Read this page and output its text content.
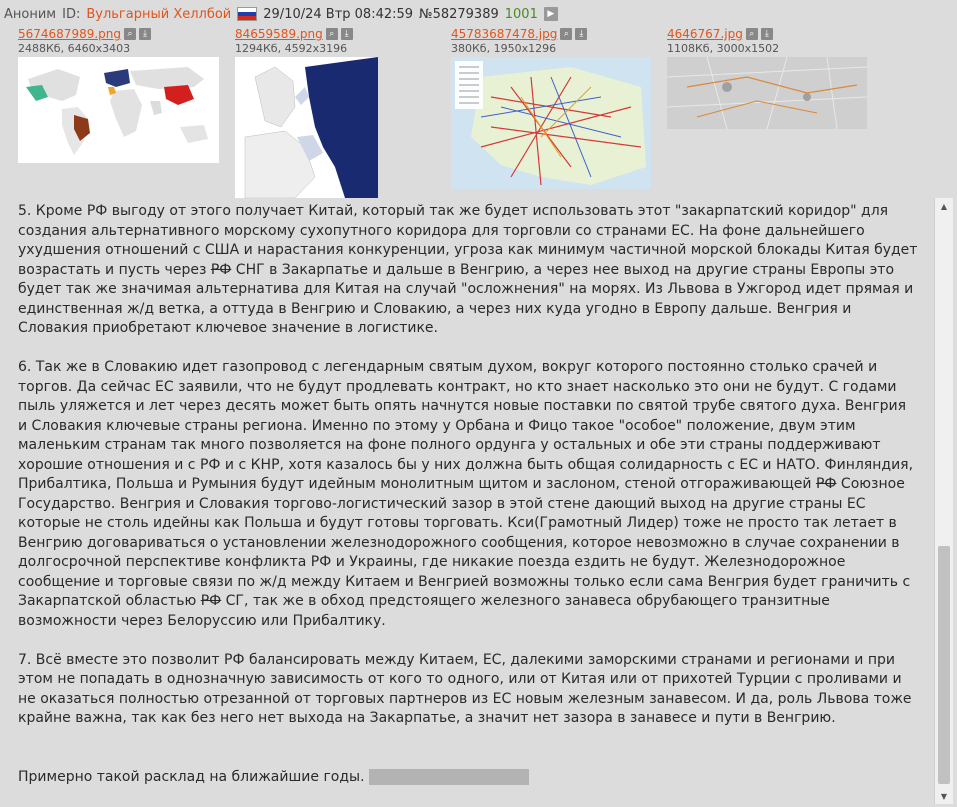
Аноним ID: Вульгарный Хеллбой 29/10/24 Втр 08:42:59 №58279389 1001	▶
5674687989.png ⌕	⤓
2488Кб, 6460x3403
84659589.png ⌕	⤓
1294Кб, 4592x3196
45783687478.jpg ⌕	⤓
380Кб, 1950x1296
4646767.jpg ⌕	⤓
1108Кб, 3000x1502

5. Кроме РФ выгоду от этого получает Китай, который так же будет использовать этот "закарпатский коридор" для создания альтернативного морскому сухопутного коридора для торговли со странами ЕС. На фоне дальнейшего ухудшения отношений с США и нарастания конкуренции, угроза как минимум частичной морской блокады Китая будет возрастать и пусть через РФ СНГ в Закарпатье и дальше в Венгрию, а через нее выход на другие страны Европы это будет так же значимая альтернатива для Китая на случай "осложнения" на морях. Из Львова в Ужгород идет прямая и единственная ж/д ветка, а оттуда в Венгрию и Словакию, а через них куда угодно в Европу дальше. Венгрия и Словакия приобретают ключевое значение в логистике.

6. Так же в Словакию идет газопровод с легендарным святым духом, вокруг которого постоянно столько срачей и торгов. Да сейчас ЕС заявили, что не будут продлевать контракт, но кто знает насколько это они не будут. С годами пыль уляжется и лет через десять может быть опять начнутся новые поставки по святой трубе святого духа. Венгрия и Словакия ключевые страны региона. Именно по этому у Орбана и Фицо такое "особое" положение, двум этим маленьким странам так много позволяется на фоне полного ордунга у остальных и обе эти страны поддерживают хорошие отношения и с РФ и с КНР, хотя казалось бы у них должна быть общая солидарность с ЕС и НАТО. Финляндия, Прибалтика, Польша и Румыния будут идейным монолитным щитом и заслоном, стеной отгораживающей РФ Союзное Государство. Венгрия и Словакия торгово-логистический зазор в этой стене дающий выход на другие страны ЕС которые не столь идейны как Польша и будут готовы торговать. Кси(Грамотный Лидер) тоже не просто так летает в Венгрию договариваться о установлении железнодорожного сообщения, которое невозможно в случае сохранении в долгосрочной перспективе конфликта РФ и Украины, где никакие поезда ездить не будут. Железнодорожное сообщение и торговые связи по ж/д между Китаем и Венгрией возможны только если сама Венгрия будет граничить с Закарпатской областью РФ СГ, так же в обход предстоящего железного занавеса обрубающего транзитные возможности через Белоруссию или Прибалтику.

7. Всё вместе это позволит РФ балансировать между Китаем, ЕС, далекими заморскими странами и регионами и при этом не попадать в однозначную зависимость от кого то одного, или от Китая или от прихотей Турции с проливами и не оказаться полностью отрезанной от торговых партнеров из ЕС новым железным занавесом. И да, роль Львова тоже крайне важна, так как без него нет выхода на Закарпатье, а значит нет зазора в занавесе и пути в Венгрию.

Примерно такой расклад на ближайшие годы.

▲
▼
